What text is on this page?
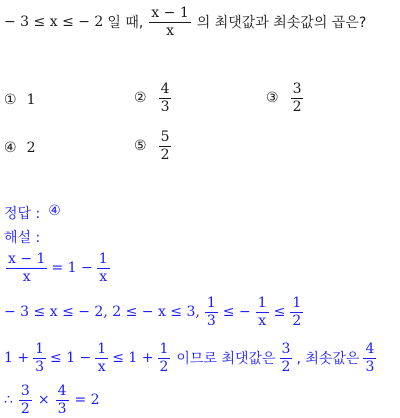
− 3 ≤ x ≤ − 2 일 때, $\frac{x - 1}{x}$ 의 최댓값과 최솟값의 곱은?
① 1	② $\frac{4}{3}$	③ $\frac{3}{2}$
④ 2	⑤ $\frac{5}{2}$
정답 : ④
해설 :
$\frac{x - 1}{x} = 1 - \frac{1}{x}$
− 3 ≤ x ≤ − 2, 2 ≤ − x ≤ 3, $\frac{1}{3}$ ≤ − $\frac{1}{x} \le \frac{1}{2}$
$1 + \frac{1}{3} \le 1 - \frac{1}{x} \le 1 + \frac{1}{2}$ 이므로 최댓값은 $\frac{3}{2}$ , 최솟값은 $\frac{4}{3}$
∴ $\frac{3}{2} \times \frac{4}{3} = 2$
